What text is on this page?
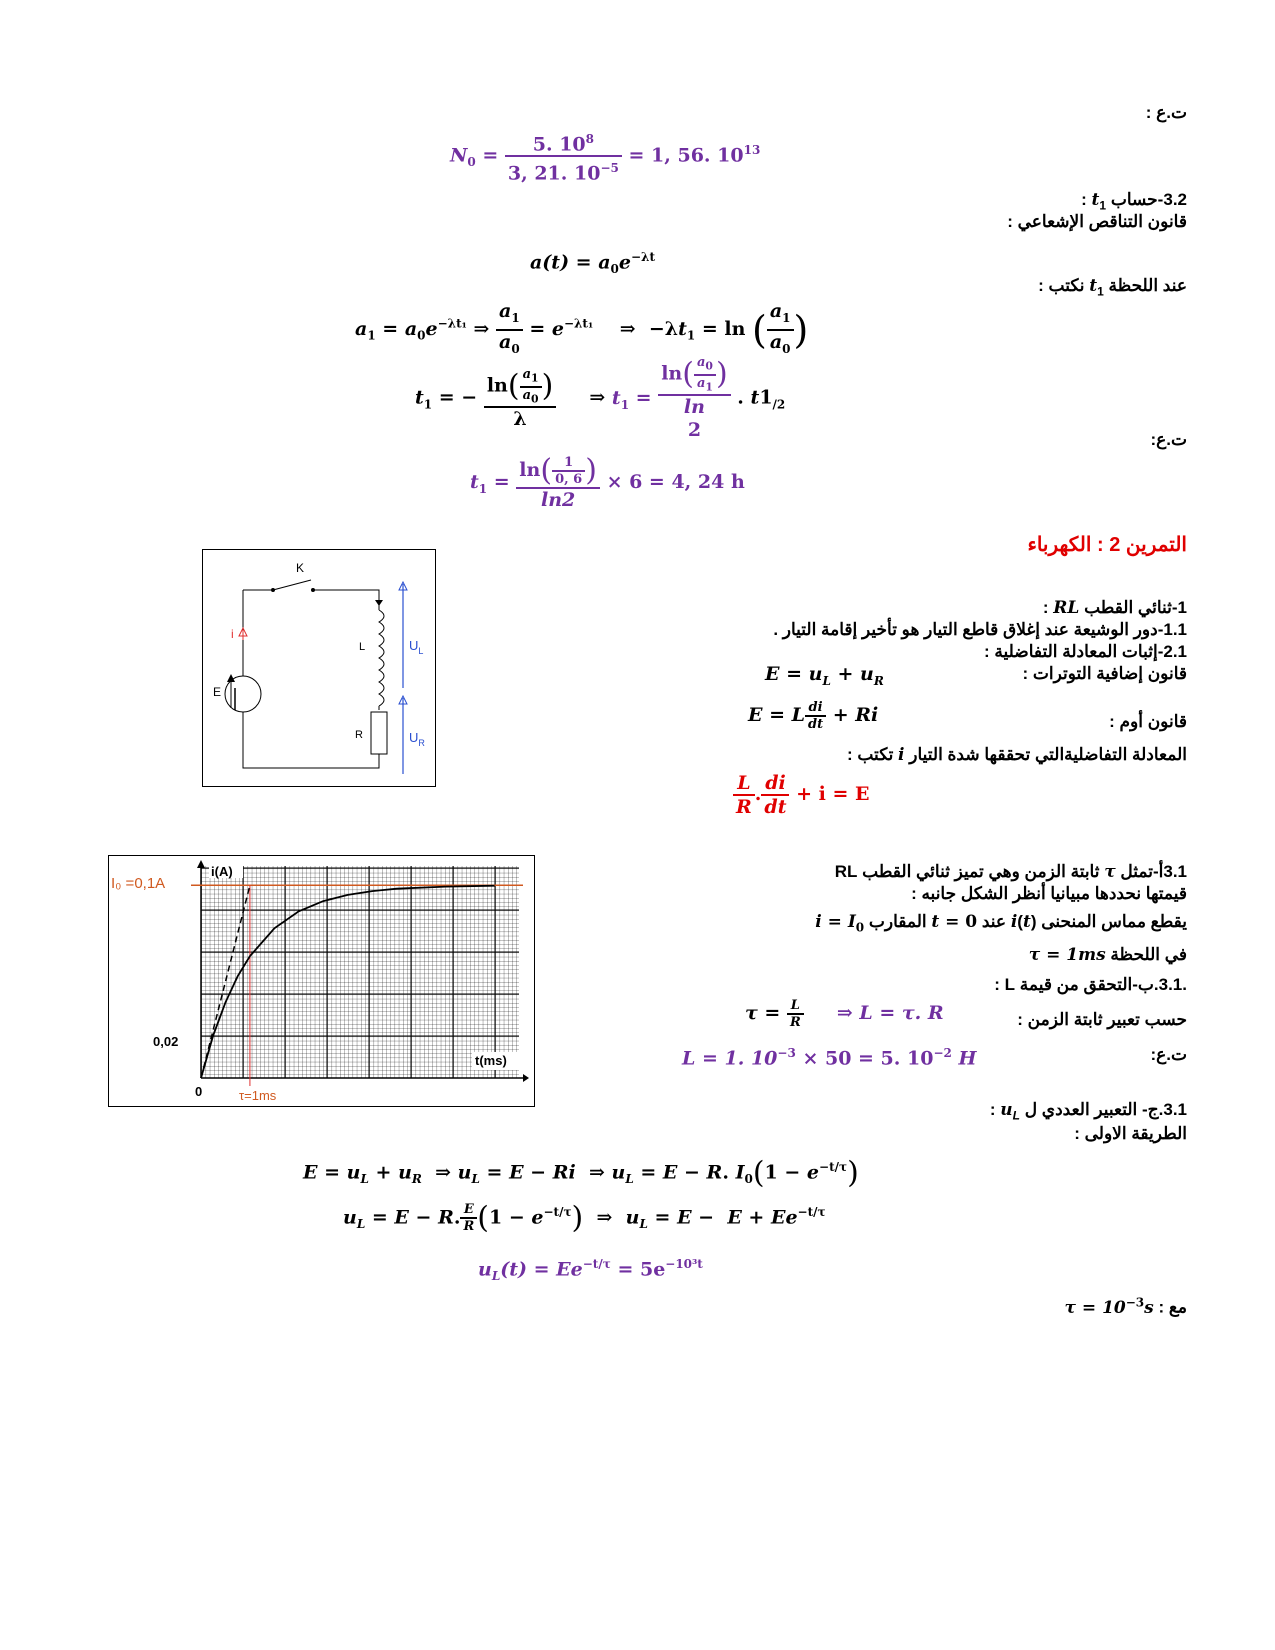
ت.ع :
$N_0 = \frac{5. 10^8}{3, 21. 10^{-5}} = 1$, 56. $10^{13}$
3.2-حساب $t_1$ :
قانون التناقص الإشعاعي :
$a(t) = a_0e^{-\lambda t}$
عند اللحظة $t_1$ نكتب :
$a_1 = a_0e^{-\lambda t_1}$ ⇒ $\frac{a_1}{a_0} = e^{-\lambda t_1}$    ⇒  $-\lambda t_1 = \ln$ ( $\frac{a_1}{a_0}$ )
$t_1$ = − $\frac{\ln( \frac{a_1}{a_0} )}{\lambda}$ ⇒ $t_1$ =
$\ln( \frac{a_0}{a_1}$ )
ln
2 . $t1_{/2}$
ت.ع:
$t_1 = \frac{\ln( \frac{1}{0, 6} )}{\ln 2} \times 6 = 4$, 24 h
التمرين 2 : الكهرباء
K
i
L	$U_L$
E
R	$U_R$
1-ثنائي القطب RL :
1.1-دور الوشيعة عند إغلاق قاطع التيار هو تأخير إقامة التيار .
2.1-إثبات المعادلة التفاضلية :
قانون إضافية التوترات :
$E = u_L + u_R$
قانون أوم :
E = L $\frac{di}{dt} + Ri$
المعادلة التفاضليةالتي تحققها شدة التيار i تكتب :
$\frac{L}{R}$ . $\frac{di}{dt} + i = E$
i(A)
I₀ =0,1A
0,02
0
t(ms)
τ=1ms
3.1أ-تمثل τ ثابتة الزمن وهي تميز ثنائي القطب RL
قيمتها نحددها مبيانيا أنظر الشكل جانبه :
يقطع مماس المنحنى i(t) عند t = 0 المقارب $i = I_0$
في اللحظة τ = 1ms
.3.1.ب-التحقق من قيمة L :
حسب تعبير ثابتة الزمن :
$\tau = \frac{L}{R}$ ⇒ L = τ. R
ت.ع:
L = 1. $10^{-3} \times 50 = 5$. $10^{-2}$ H
3.1.ج- التعبير العددي ل $u_L$ :
الطريقة الاولى :
$E = u_L + u_R$  ⇒ $u_L = E - Ri$  ⇒ $u_L = E - R$. $I_0(1 - e^{-t/\tau})$
$u_L = E - R$. $\frac{E}{R} (1 - e^{-t/\tau})$  ⇒  $u_L = E - E + Ee^{-t/\tau}$
$u_L(t) = Ee^{-t/\tau} = 5e^{-10^3t}$
مع : $\tau = 10^{-3}s$
